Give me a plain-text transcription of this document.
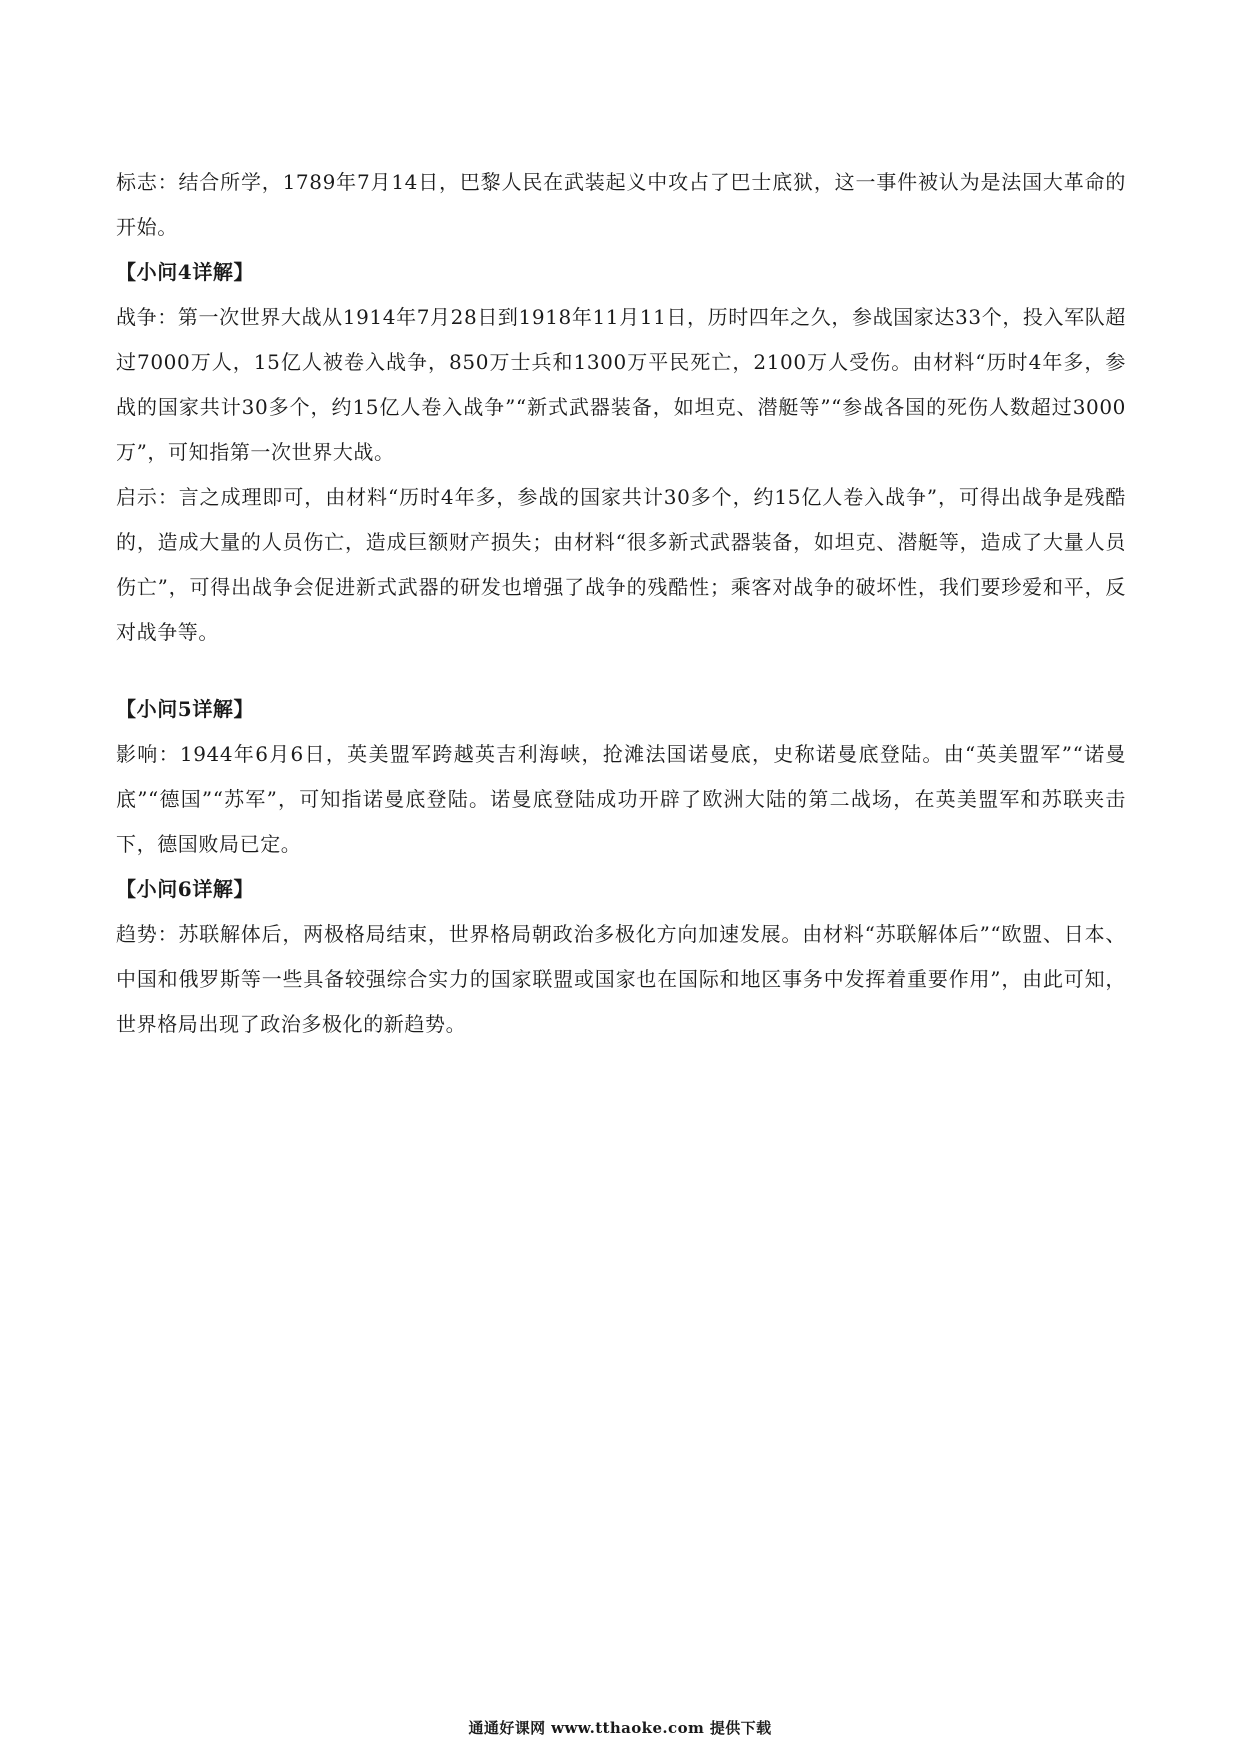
标志：结合所学，1789年7月14日，巴黎人民在武装起义中攻占了巴士底狱，这一事件被认为是法国大革命的开始。

【小问4详解】

战争：第一次世界大战从1914年7月28日到1918年11月11日，历时四年之久，参战国家达33个，投入军队超过7000万人，15亿人被卷入战争，850万士兵和1300万平民死亡，2100万人受伤。由材料“历时4年多，参战的国家共计30多个，约15亿人卷入战争”“新式武器装备，如坦克、潜艇等”“参战各国的死伤人数超过3000万”，可知指第一次世界大战。

启示：言之成理即可，由材料“历时4年多，参战的国家共计30多个，约15亿人卷入战争”，可得出战争是残酷的，造成大量的人员伤亡，造成巨额财产损失；由材料“很多新式武器装备，如坦克、潜艇等，造成了大量人员伤亡”，可得出战争会促进新式武器的研发也增强了战争的残酷性；乘客对战争的破坏性，我们要珍爱和平，反对战争等。

【小问5详解】

影响：1944年6月6日，英美盟军跨越英吉利海峡，抢滩法国诺曼底，史称诺曼底登陆。由“英美盟军”“诺曼底”“德国”“苏军”，可知指诺曼底登陆。诺曼底登陆成功开辟了欧洲大陆的第二战场，在英美盟军和苏联夹击下，德国败局已定。

【小问6详解】

趋势：苏联解体后，两极格局结束，世界格局朝政治多极化方向加速发展。由材料“苏联解体后”“欧盟、日本、中国和俄罗斯等一些具备较强综合实力的国家联盟或国家也在国际和地区事务中发挥着重要作用”，由此可知，世界格局出现了政治多极化的新趋势。

通通好课网 www.tthaoke.com 提供下载
